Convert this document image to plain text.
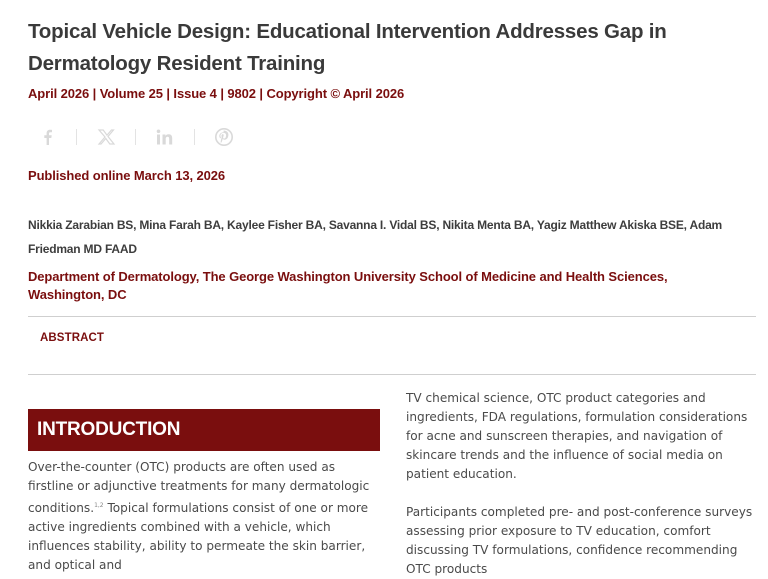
Topical Vehicle Design: Educational Intervention Addresses Gap in Dermatology Resident Training
April 2026 | Volume 25 | Issue 4 | 9802 | Copyright © April 2026
Published online March 13, 2026
Nikkia Zarabian BS, Mina Farah BA, Kaylee Fisher BA, Savanna I. Vidal BS, Nikita Menta BA, Yagiz Matthew Akiska BSE, Adam Friedman MD FAAD
Department of Dermatology, The George Washington University School of Medicine and Health Sciences, Washington, DC
ABSTRACT
INTRODUCTION

Over-the-counter (OTC) products are often used as firstline or adjunctive treatments for many dermatologic conditions.$^{1,2}$ Topical formulations consist of one or more active ingredients combined with a vehicle, which influences stability, ability to permeate the skin barrier, and optical and

TV chemical science, OTC product categories and ingredients, FDA regulations, formulation considerations for acne and sunscreen therapies, and navigation of skincare trends and the influence of social media on patient education.
Participants completed pre- and post-conference surveys assessing prior exposure to TV education, comfort discussing TV formulations, confidence recommending OTC products
